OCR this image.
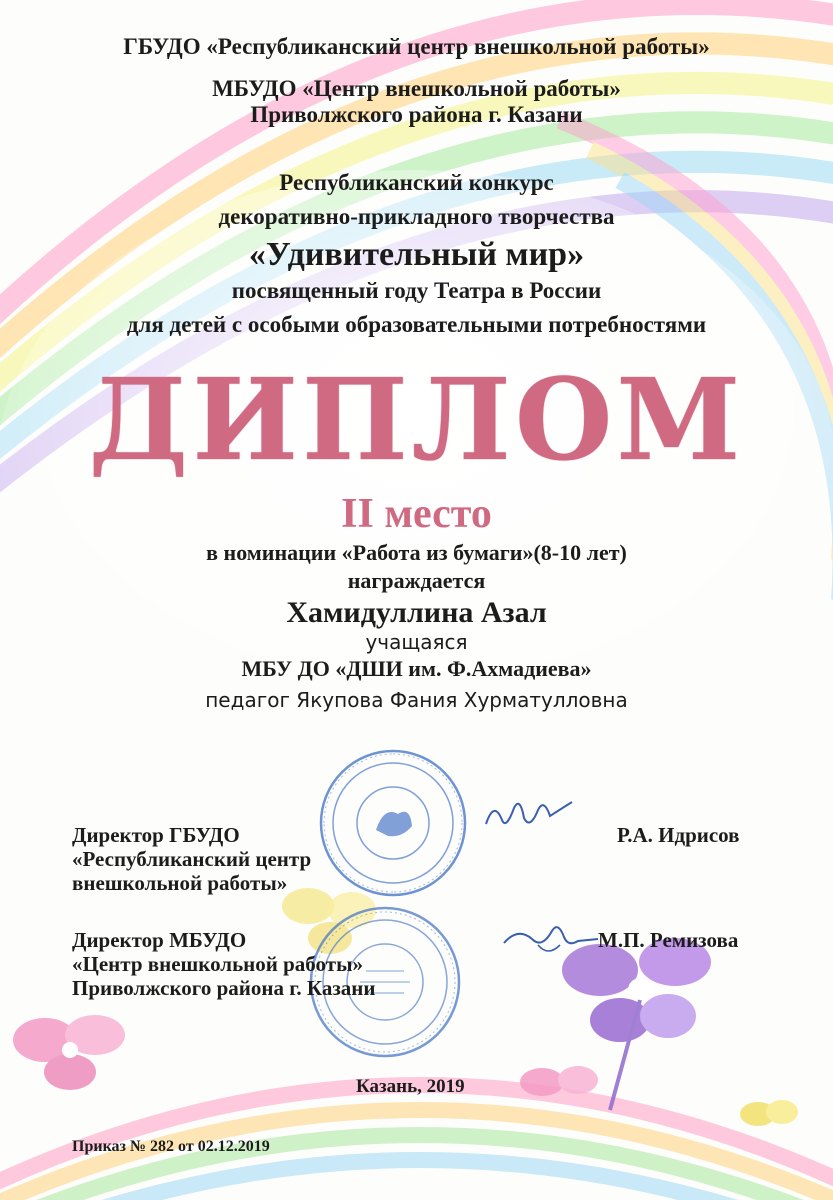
ГБУДО «Республиканский центр внешкольной работы»
МБУДО «Центр внешкольной работы»
Приволжского района г. Казани
Республиканский конкурс
декоративно-прикладного творчества
«Удивительный мир»
посвященный году Театра в России
для детей с особыми образовательными потребностями
ДИПЛОМ
II место
в номинации «Работа из бумаги»(8-10 лет)
награждается
Хамидуллина Азал
учащаяся
МБУ ДО «ДШИ им. Ф.Ахмадиева»
педагог Якупова Фания Хурматулловна
Директор ГБУДО
«Республиканский центр
внешкольной работы»
Р.А. Идрисов
Директор МБУДО
«Центр внешкольной работы»
Приволжского района г. Казани
М.П. Ремизова
Казань, 2019
Приказ № 282 от 02.12.2019
